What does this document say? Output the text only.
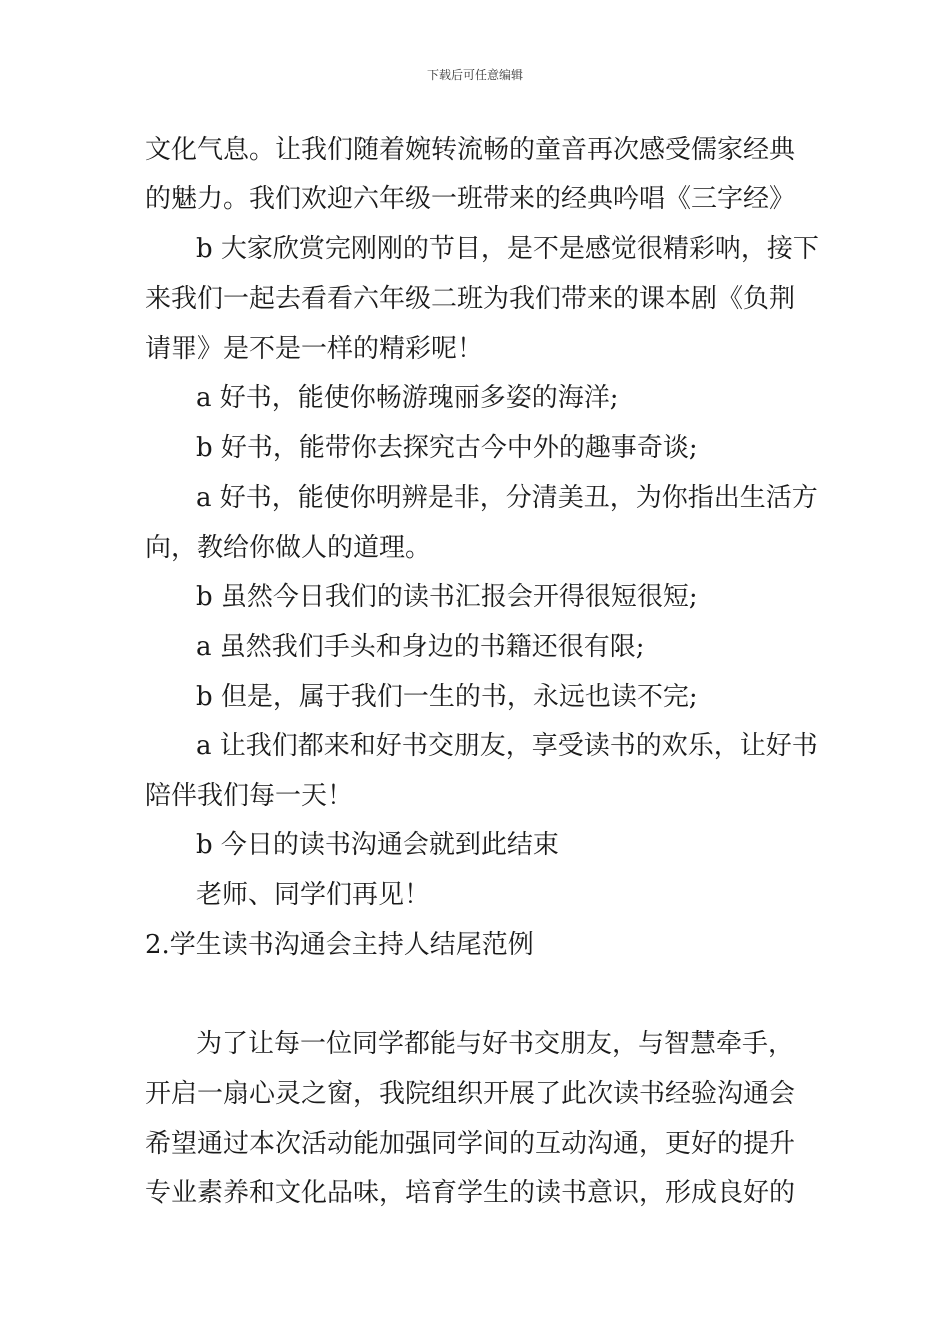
下载后可任意编辑
文化气息。让我们随着婉转流畅的童音再次感受儒家经典
的魅力。我们欢迎六年级一班带来的经典吟唱《三字经》
b 大家欣赏完刚刚的节目，是不是感觉很精彩呐，接下
来我们一起去看看六年级二班为我们带来的课本剧《负荆
请罪》是不是一样的精彩呢！
a 好书，能使你畅游瑰丽多姿的海洋;
b 好书，能带你去探究古今中外的趣事奇谈;
a 好书，能使你明辨是非，分清美丑，为你指出生活方
向，教给你做人的道理。
b 虽然今日我们的读书汇报会开得很短很短;
a 虽然我们手头和身边的书籍还很有限;
b 但是，属于我们一生的书，永远也读不完;
a 让我们都来和好书交朋友，享受读书的欢乐，让好书
陪伴我们每一天！
b 今日的读书沟通会就到此结束
老师、同学们再见！
2.学生读书沟通会主持人结尾范例
为了让每一位同学都能与好书交朋友，与智慧牵手，
开启一扇心灵之窗，我院组织开展了此次读书经验沟通会
希望通过本次活动能加强同学间的互动沟通，更好的提升
专业素养和文化品味，培育学生的读书意识，形成良好的
